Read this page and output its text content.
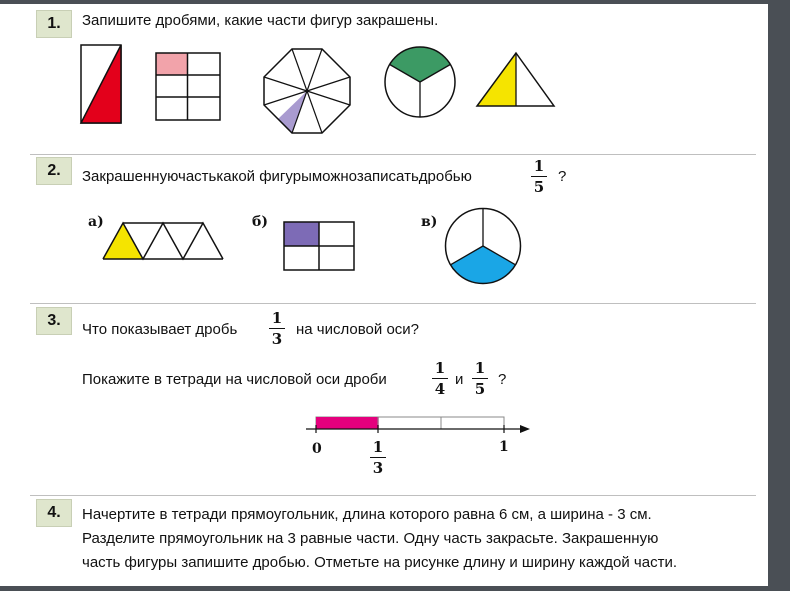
1.	Запишите дробями, какие части фигур закрашены.
2.	Закрашеннуючастькакой фигурыможнозаписатьдробью
1
5
?
а)	б)	в)
3.
Что показывает дробь
1
3
на числовой оси?
Покажите в тетради на числовой оси дроби
1
4
и
1
5
?
0	1
1
3
4.	Начертите в тетради прямоугольник, длина которого равна 6 см, а ширина - 3 см.
Разделите прямоугольник на 3 равные части. Одну часть закрасьте. Закрашенную
часть фигуры запишите дробью. Отметьте на рисунке длину и ширину каждой части.
